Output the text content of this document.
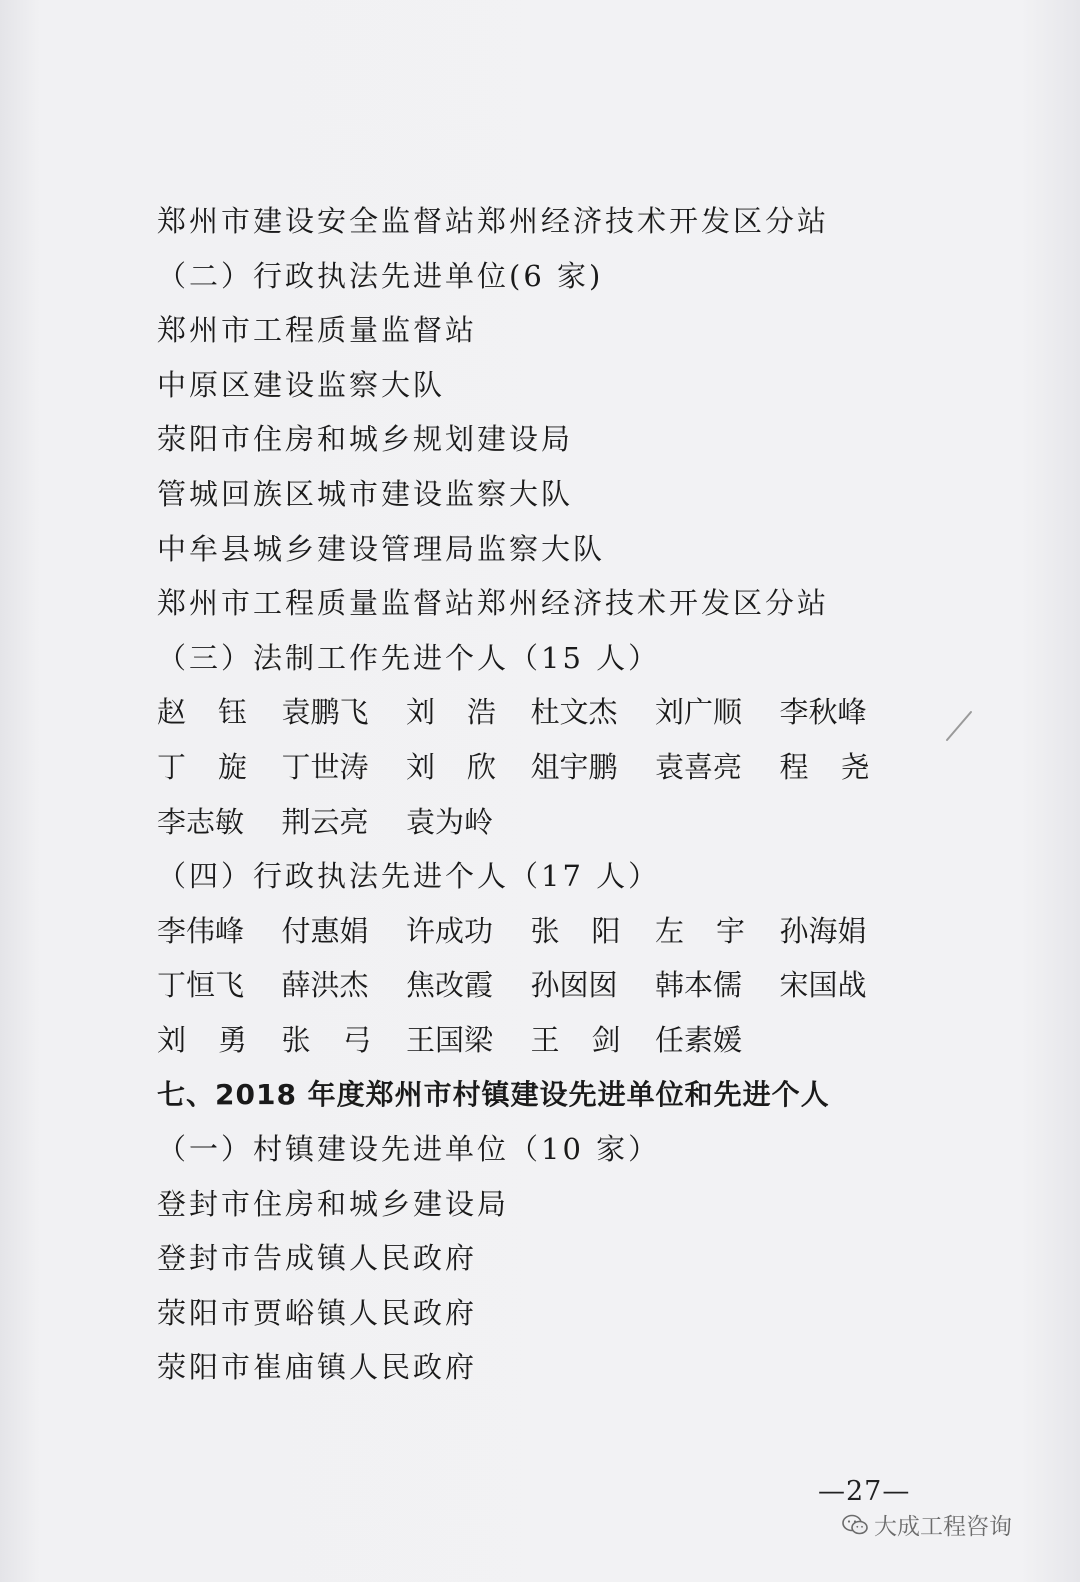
郑州市建设安全监督站郑州经济技术开发区分站
（二）行政执法先进单位(6 家)
郑州市工程质量监督站
中原区建设监察大队
荥阳市住房和城乡规划建设局
管城回族区城市建设监察大队
中牟县城乡建设管理局监察大队
郑州市工程质量监督站郑州经济技术开发区分站
（三）法制工作先进个人（15 人）
赵 钰	袁鹏飞	刘 浩	杜文杰	刘广顺	李秋峰
丁 旋	丁世涛	刘 欣	俎宇鹏	袁喜亮	程 尧
李志敏	荆云亮	袁为岭
（四）行政执法先进个人（17 人）
李伟峰	付惠娟	许成功	张 阳	左 宇	孙海娟
丁恒飞	薛洪杰	焦改霞	孙囡囡	韩本儒	宋国战
刘 勇	张 弓	王国梁	王 剑	任素媛
七、2018 年度郑州市村镇建设先进单位和先进个人
（一）村镇建设先进单位（10 家）
登封市住房和城乡建设局
登封市告成镇人民政府
荥阳市贾峪镇人民政府
荥阳市崔庙镇人民政府
—27—
大成工程咨询
